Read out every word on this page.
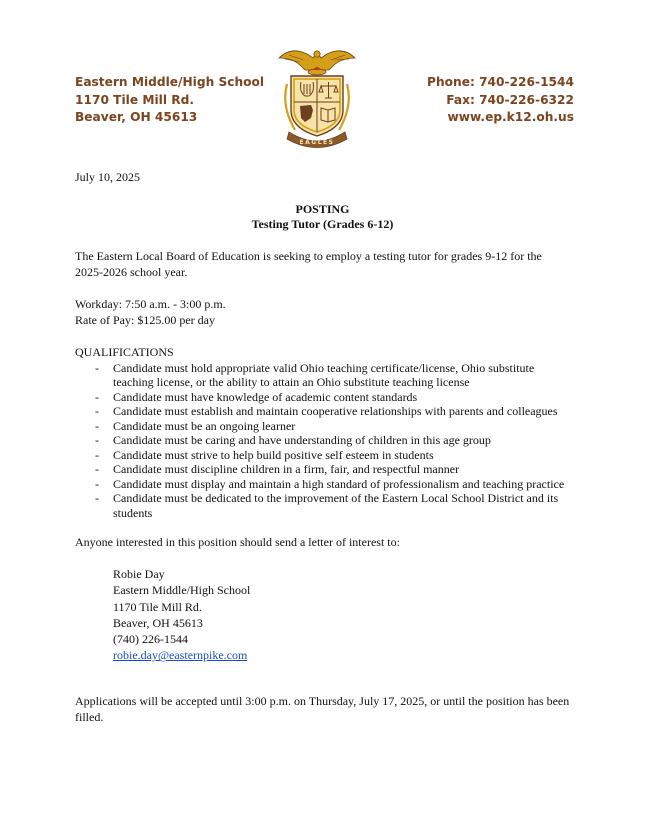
Eastern Middle/High School
1170 Tile Mill Rd.
Beaver, OH 45613
EAGLES
Phone: 740-226-1544
Fax: 740-226-6322
www.ep.k12.oh.us
July 10, 2025
POSTING
Testing Tutor (Grades 6-12)
The Eastern Local Board of Education is seeking to employ a testing tutor for grades 9-12 for the 2025-2026 school year.
Workday: 7:50 a.m. - 3:00 p.m.
Rate of Pay: $125.00 per day
QUALIFICATIONS
-	Candidate must hold appropriate valid Ohio teaching certificate/license, Ohio substitute teaching license, or the ability to attain an Ohio substitute teaching license
-	Candidate must have knowledge of academic content standards
-	Candidate must establish and maintain cooperative relationships with parents and colleagues
-	Candidate must be an ongoing learner
-	Candidate must be caring and have understanding of children in this age group
-	Candidate must strive to help build positive self esteem in students
-	Candidate must discipline children in a firm, fair, and respectful manner
-	Candidate must display and maintain a high standard of professionalism and teaching practice
-	Candidate must be dedicated to the improvement of the Eastern Local School District and its students
Anyone interested in this position should send a letter of interest to:
Robie Day
Eastern Middle/High School
1170 Tile Mill Rd.
Beaver, OH 45613
(740) 226-1544
robie.day@easternpike.com
Applications will be accepted until 3:00 p.m. on Thursday, July 17, 2025, or until the position has been filled.
